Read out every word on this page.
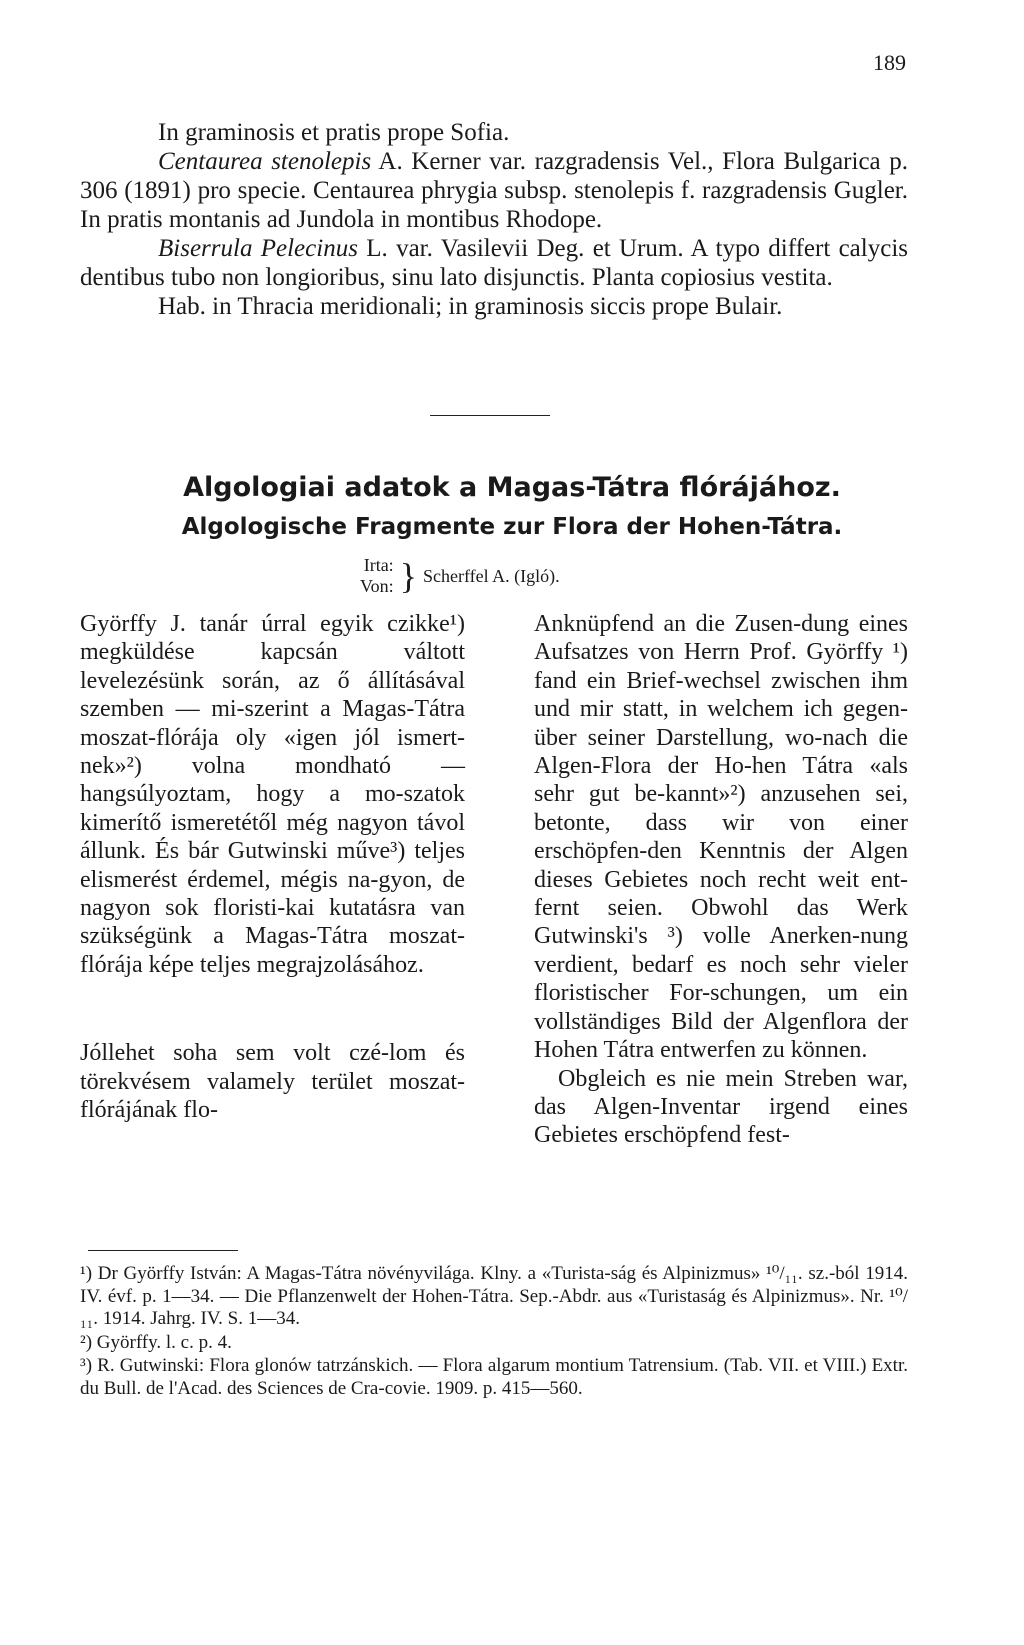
189

In graminosis et pratis prope Sofia.

Centaurea stenolepis A. Kerner var. razgradensis Vel., Flora Bulgarica p. 306 (1891) pro specie. Centaurea phrygia subsp. stenolepis f. razgradensis Gugler. In pratis montanis ad Jundola in montibus Rhodope.

Biserrula Pelecinus L. var. Vasilevii Deg. et Urum. A typo differt calycis dentibus tubo non longioribus, sinu lato disjunctis. Planta copiosius vestita.

Hab. in Thracia meridionali; in graminosis siccis prope Bulair.

Algologiai adatok a Magas-Tátra flórájához.
Algologische Fragmente zur Flora der Hohen-Tátra.
Irta:
Von: } Scherffel A. (Igló).

Györffy J. tanár úrral egyik czikke¹) megküldése kapcsán váltott levelezésünk során, az ő állításával szemben — mi-szerint a Magas-Tátra moszat-flórája oly «igen jól ismert-nek»²) volna mondható — hangsúlyoztam, hogy a mo-szatok kimerítő ismeretétől még nagyon távol állunk. És bár Gutwinski műve³) teljes elismerést érdemel, mégis na-gyon, de nagyon sok floristi-kai kutatásra van szükségünk a Magas-Tátra moszat-flórája képe teljes megrajzolásához.

Jóllehet soha sem volt czé-lom és törekvésem valamely terület moszat-flórájának flo-

Anknüpfend an die Zusen-dung eines Aufsatzes von Herrn Prof. Györffy ¹) fand ein Brief-wechsel zwischen ihm und mir statt, in welchem ich gegen-über seiner Darstellung, wo-nach die Algen-Flora der Ho-hen Tátra «als sehr gut be-kannt»²) anzusehen sei, betonte, dass wir von einer erschöpfen-den Kenntnis der Algen dieses Gebietes noch recht weit ent-fernt seien. Obwohl das Werk Gutwinski's ³) volle Anerken-nung verdient, bedarf es noch sehr vieler floristischer For-schungen, um ein vollständiges Bild der Algenflora der Hohen Tátra entwerfen zu können.

Obgleich es nie mein Streben war, das Algen-Inventar irgend eines Gebietes erschöpfend fest-

¹) Dr Györffy István: A Magas-Tátra növényvilága. Klny. a «Turista-ság és Alpinizmus» ¹⁰/₁₁. sz.-ból 1914. IV. évf. p. 1—34. — Die Pflanzenwelt der Hohen-Tátra. Sep.-Abdr. aus «Turistaság és Alpinizmus». Nr. ¹⁰/₁₁. 1914. Jahrg. IV. S. 1—34.

²) Györffy. l. c. p. 4.

³) R. Gutwinski: Flora glonów tatrzánskich. — Flora algarum montium Tatrensium. (Tab. VII. et VIII.) Extr. du Bull. de l'Acad. des Sciences de Cra-covie. 1909. p. 415—560.
